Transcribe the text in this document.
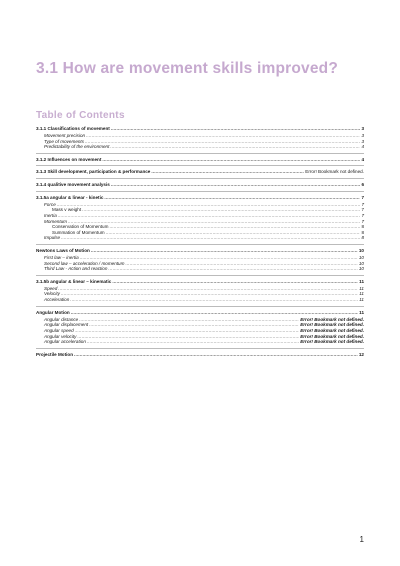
3.1 How are movement skills improved?
Table of Contents
3.1.1 Classifications of movement .....	3
Movement precision .....	3
Type of movements .....	3
Predictability of the environment .....	4
3.1.2 Influences on movement .....	4
3.1.3 Skill development, participation & performance .....	Error! Bookmark not defined.
3.1.4 qualitive movement analysis .....	6
3.1.5a angular & linear - kinetic .....	7
Force .....	7
Mass v weight .....	7
Inertia .....	7
Momentum .....	7
Conservation of Momentum .....	8
Summation of Momentum .....	8
Impulse .....	8
Newtons Laws of Motion .....	10
First law – inertia .....	10
Second law – acceleration / momentum .....	10
Third Law - Action and reaction .....	10
3.1.5b angular & linear – kinematic .....	11
Speed .....	11
Velocity .....	11
Acceleration .....	11
Angular Motion .....	11
Angular distance .....	Error! Bookmark not defined.
Angular displacement .....	Error! Bookmark not defined.
Angular speed .....	Error! Bookmark not defined.
Angular velocity .....	Error! Bookmark not defined.
Angular acceleration .....	Error! Bookmark not defined.
Projectile Motion .....	12
1
